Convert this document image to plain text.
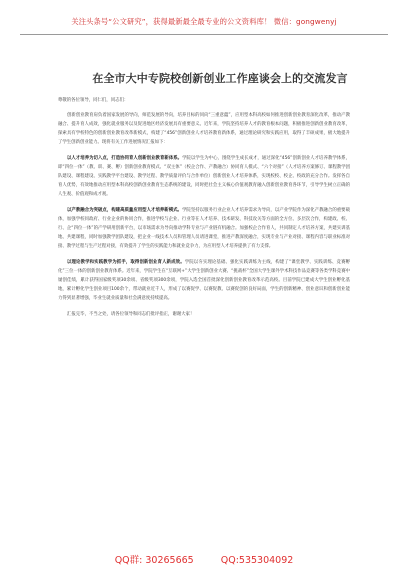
关注头条号“公文研究”，获得最新最全最专业的公文资料库！ 微信：gongwenyj
在全市大中专院校创新创业工作座谈会上的交流发言

尊敬的各位领导，同仁们，同志们：

创新创业教育肩负着国家发展的导向，师范发展的导向，培养目标的同向“三重意蕴”，应用型本科高校如何推进创新创业教育深化改革，推动产教融合、提升育人成效，强化就业服务以及促进地区经济发展具有重要意义。近年来，学院坚持培养人才的教育根本问题，积极推进创新创业教育改革，探索具有学校特色的创新创业教育改革新模式，构建了“456”创新创业人才培养教育新体系，通过理论研究和实践应用，取得了丰硕成果，极大地提升了学生创新创业能力。现将有关工作进展情况汇报如下：

以人才培养为切入点，打造协同育人创新创业教育新体系。学院以学生为中心，围绕学生成长成才，通过深化“456”创新创业人才培养教学体系，即“四位一体”（教、训、赛、孵）创新创业教育模式、“双主体”（校企合作、产教融合）协同育人模式、“六个对接”（人才培养方案修订、课程教学团队建设、课程建设、实践教学平台建设、教学过程、教学质量评价与合作单位）创新创业人才培养体系，实现校校、校企、校政的充分合作。发挥各自育人优势，有效地推动应用型本科高校创新创业教育生态系统的建设，同时把社会主义核心价值观教育融入创新创业教育各环节，引导学生树立正确的人生观、价值观和成才观。

以产教融合为突破点，构建高质量应用型人才培养新模式。学院坚持以服务行业企业人才培养需求为导向，以产业学院作为深化产教融合的重要载体，加强学校同政府、行业企业的协同合作，推进学校与企业、行业等在人才培养、技术研发、科技攻关等方面的全方位、多层次合作，构建政、校、行、企“四位一体”的产学研用创新平台，以市场需求为导向推动学科专业与产业链有机融合。加强校企合作育人，共同制定人才培养方案，共建实训基地、共建课程，同时加强教学团队建设，把企业一线技术人员和管理人员请进课堂，推进产教深度融合，实现专业与产业对接、课程内容与职业标准对接、教学过程与生产过程对接，有效提升了学生的实践能力和就业竞争力，为应用型人才培养提供了有力支撑。

以理论教学和实践教学为抓手，取得创新创业育人新成效。学院以夯实理论基础、强化实践训练为主线，构建了“课堂教学、实践训练、竞赛孵化”三位一体的创新创业教育体系。近年来，学院学生在“互联网+”大学生创新创业大赛、“挑战杯”全国大学生课外学术科技作品竞赛等各类学科竞赛中屡创佳绩，累计获得国家级奖项30余项、省级奖项300余项，学院入选全国首批深化创新创业教育改革示范高校。目前学院已建成大学生创业孵化基地，累计孵化学生创业项目100余个，带动就业近千人，形成了以赛促学、以赛促教、以赛促创的良好局面，学生的创新精神、创业意识和创新创业能力得到显著增强，毕业生就业质量和社会满意度持续提高。

汇报完毕，不当之处，请各位领导和同志们批评指正，谢谢大家！

QQ群: 30265665	QQ:535304092
